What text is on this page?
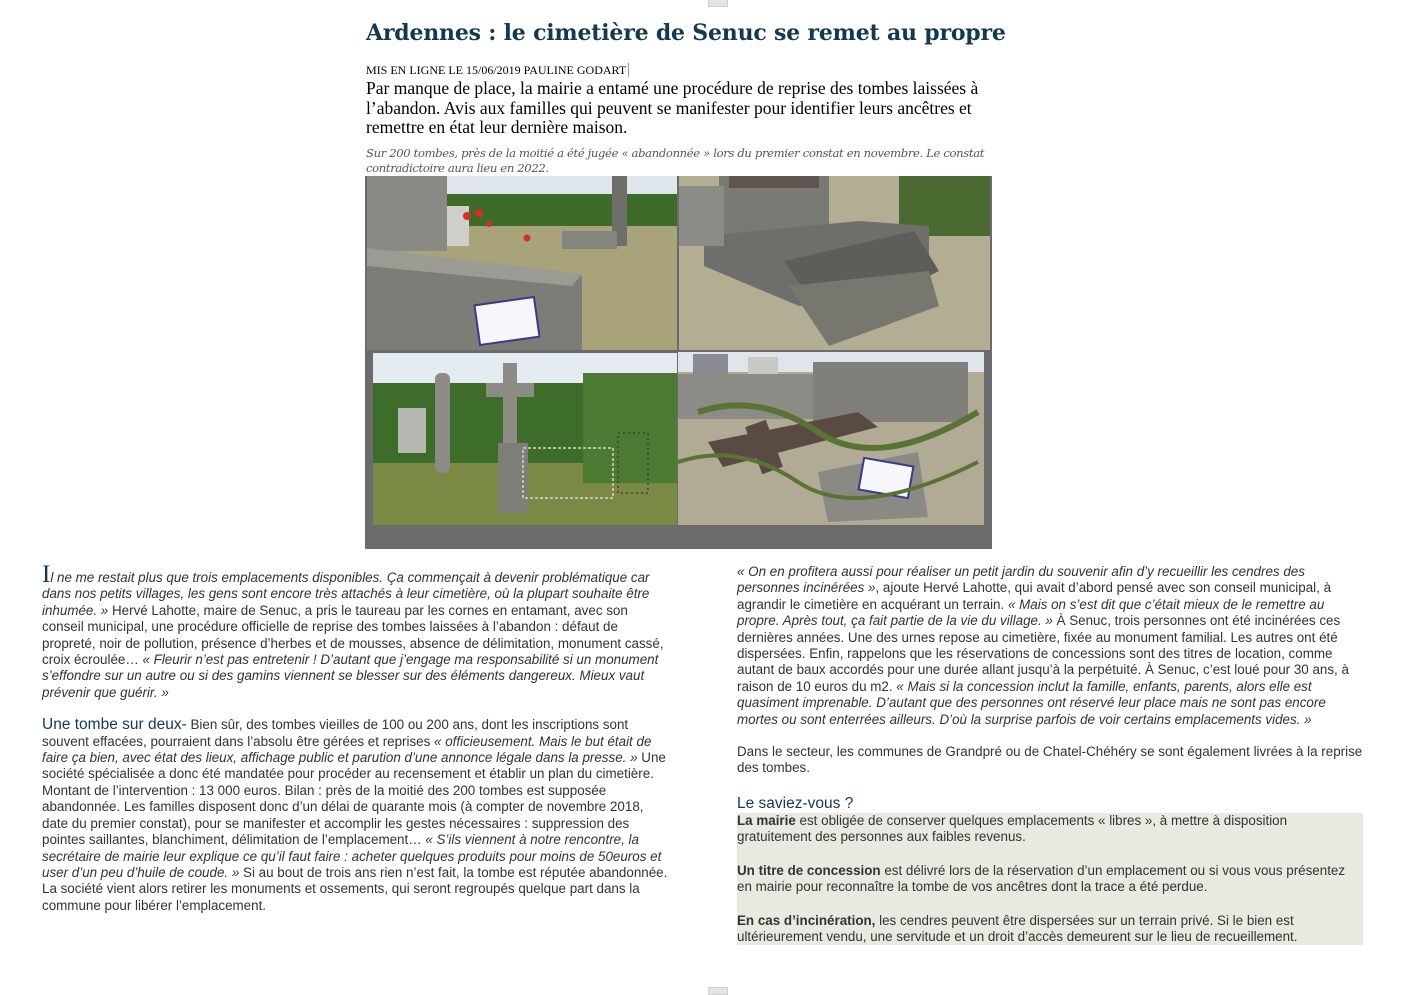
Ardennes : le cimetière de Senuc se remet au propre
MIS EN LIGNE LE 15/06/2019 PAULINE GODART
Par manque de place, la mairie a entamé une procédure de reprise des tombes laissées à l’abandon. Avis aux familles qui peuvent se manifester pour identifier leurs ancêtres et remettre en état leur dernière maison.
Sur 200 tombes, près de la moitié a été jugée « abandonnée » lors du premier constat en novembre. Le constat contradictoire aura lieu en 2022.

Il ne me restait plus que trois emplacements disponibles. Ça commençait à devenir problématique car dans nos petits villages, les gens sont encore très attachés à leur cimetière, où la plupart souhaite être inhumée. » Hervé Lahotte, maire de Senuc, a pris le taureau par les cornes en entamant, avec son conseil municipal, une procédure officielle de reprise des tombes laissées à l’abandon : défaut de propreté, noir de pollution, présence d’herbes et de mousses, absence de délimitation, monument cassé, croix écroulée… « Fleurir n’est pas entretenir ! D’autant que j’engage ma responsabilité si un monument s’effondre sur un autre ou si des gamins viennent se blesser sur des éléments dangereux. Mieux vaut prévenir que guérir. »

Une tombe sur deux- Bien sûr, des tombes vieilles de 100 ou 200 ans, dont les inscriptions sont souvent effacées, pourraient dans l’absolu être gérées et reprises « officieusement. Mais le but était de faire ça bien, avec état des lieux, affichage public et parution d’une annonce légale dans la presse. » Une société spécialisée a donc été mandatée pour procéder au recensement et établir un plan du cimetière. Montant de l’intervention : 13 000 euros. Bilan : près de la moitié des 200 tombes est supposée abandonnée. Les familles disposent donc d’un délai de quarante mois (à compter de novembre 2018, date du premier constat), pour se manifester et accomplir les gestes nécessaires : suppression des pointes saillantes, blanchiment, délimitation de l’emplacement… « S’ils viennent à notre rencontre, la secrétaire de mairie leur explique ce qu’il faut faire : acheter quelques produits pour moins de 50euros et user d’un peu d’huile de coude. » Si au bout de trois ans rien n’est fait, la tombe est réputée abandonnée. La société vient alors retirer les monuments et ossements, qui seront regroupés quelque part dans la commune pour libérer l’emplacement.

« On en profitera aussi pour réaliser un petit jardin du souvenir afin d’y recueillir les cendres des personnes incinérées », ajoute Hervé Lahotte, qui avait d’abord pensé avec son conseil municipal, à agrandir le cimetière en acquérant un terrain. « Mais on s’est dit que c’était mieux de le remettre au propre. Après tout, ça fait partie de la vie du village. » À Senuc, trois personnes ont été incinérées ces dernières années. Une des urnes repose au cimetière, fixée au monument familial. Les autres ont été dispersées. Enfin, rappelons que les réservations de concessions sont des titres de location, comme autant de baux accordés pour une durée allant jusqu’à la perpétuité. À Senuc, c’est loué pour 30 ans, à raison de 10 euros du m2. « Mais si la concession inclut la famille, enfants, parents, alors elle est quasiment imprenable. D’autant que des personnes ont réservé leur place mais ne sont pas encore mortes ou sont enterrées ailleurs. D’où la surprise parfois de voir certains emplacements vides. »

Dans le secteur, les communes de Grandpré ou de Chatel-Chéhéry se sont également livrées à la reprise des tombes.

Le saviez-vous ?

La mairie est obligée de conserver quelques emplacements « libres », à mettre à disposition gratuitement des personnes aux faibles revenus.

Un titre de concession est délivré lors de la réservation d’un emplacement ou si vous vous présentez en mairie pour reconnaître la tombe de vos ancêtres dont la trace a été perdue.

En cas d’incinération, les cendres peuvent être dispersées sur un terrain privé. Si le bien est ultérieurement vendu, une servitude et un droit d’accès demeurent sur le lieu de recueillement.
